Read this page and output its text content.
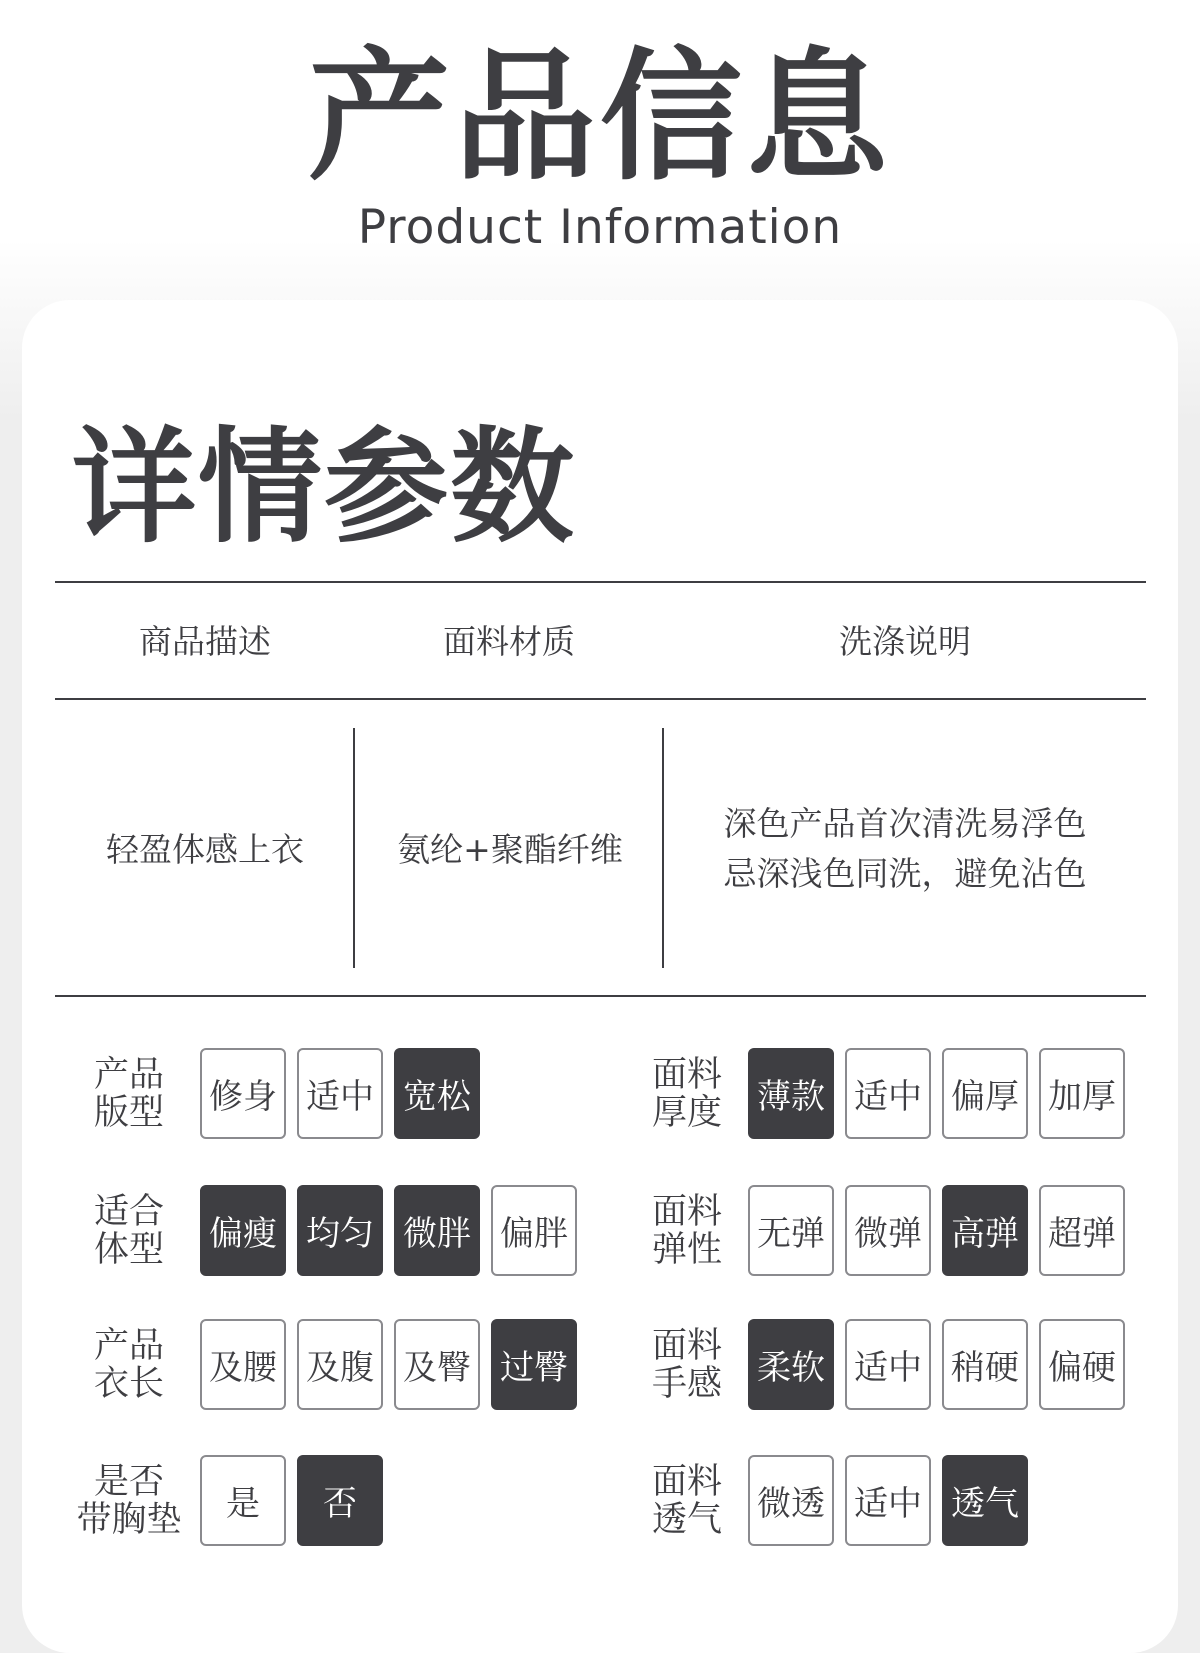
产品信息
Product Information
详情参数
商品描述	面料材质	洗涤说明
轻盈体感上衣	氨纶+聚酯纤维
深色产品首次清洗易浮色
忌深浅色同洗，避免沾色
产品
版型	修身 适中 宽松
面料
厚度	薄款 适中 偏厚 加厚
适合
体型	偏瘦 均匀 微胖 偏胖
面料
弹性	无弹 微弹 高弹 超弹
产品
衣长	及腰 及腹 及臀 过臀
面料
手感	柔软 适中 稍硬 偏硬
是否
带胸垫	是	否
面料
透气	微透 适中 透气
